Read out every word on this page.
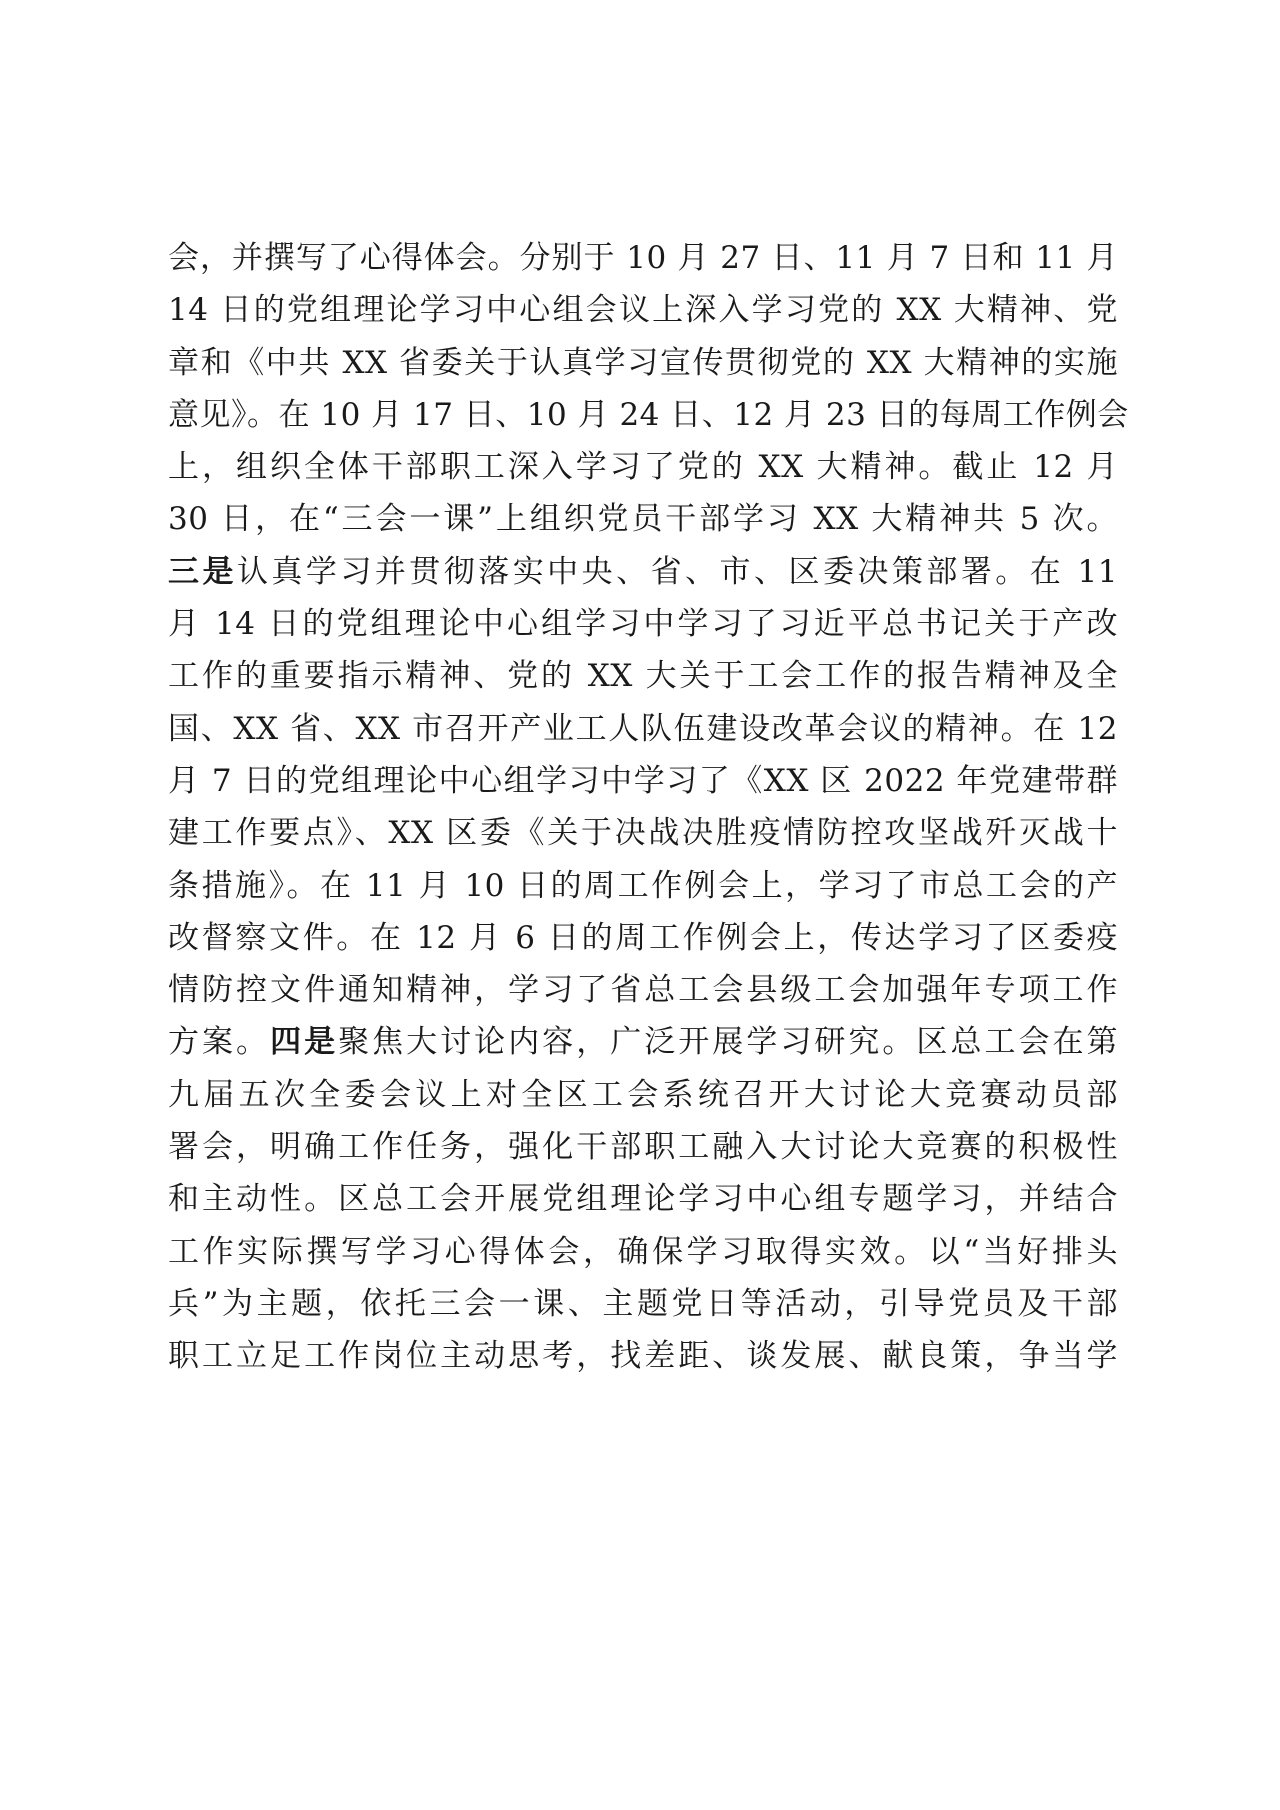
会，并撰写了心得体会。分别于 10 月 27 日、11 月 7 日和 11 月
14 日的党组理论学习中心组会议上深入学习党的 XX 大精神、党
章和《中共 XX 省委关于认真学习宣传贯彻党的 XX 大精神的实施
意见》。在 10 月 17 日、10 月 24 日、12 月 23 日的每周工作例会
上，组织全体干部职工深入学习了党的 XX 大精神。截止 12 月
30 日，在“三会一课”上组织党员干部学习 XX 大精神共 5 次。
三是认真学习并贯彻落实中央、省、市、区委决策部署。在 11
月 14 日的党组理论中心组学习中学习了习近平总书记关于产改
工作的重要指示精神、党的 XX 大关于工会工作的报告精神及全
国、XX 省、XX 市召开产业工人队伍建设改革会议的精神。在 12
月 7 日的党组理论中心组学习中学习了《XX 区 2022 年党建带群
建工作要点》、XX 区委《关于决战决胜疫情防控攻坚战歼灭战十
条措施》。在 11 月 10 日的周工作例会上，学习了市总工会的产
改督察文件。在 12 月 6 日的周工作例会上，传达学习了区委疫
情防控文件通知精神，学习了省总工会县级工会加强年专项工作
方案。四是聚焦大讨论内容，广泛开展学习研究。区总工会在第
九届五次全委会议上对全区工会系统召开大讨论大竞赛动员部
署会，明确工作任务，强化干部职工融入大讨论大竞赛的积极性
和主动性。区总工会开展党组理论学习中心组专题学习，并结合
工作实际撰写学习心得体会，确保学习取得实效。以“当好排头
兵”为主题，依托三会一课、主题党日等活动，引导党员及干部
职工立足工作岗位主动思考，找差距、谈发展、献良策，争当学
